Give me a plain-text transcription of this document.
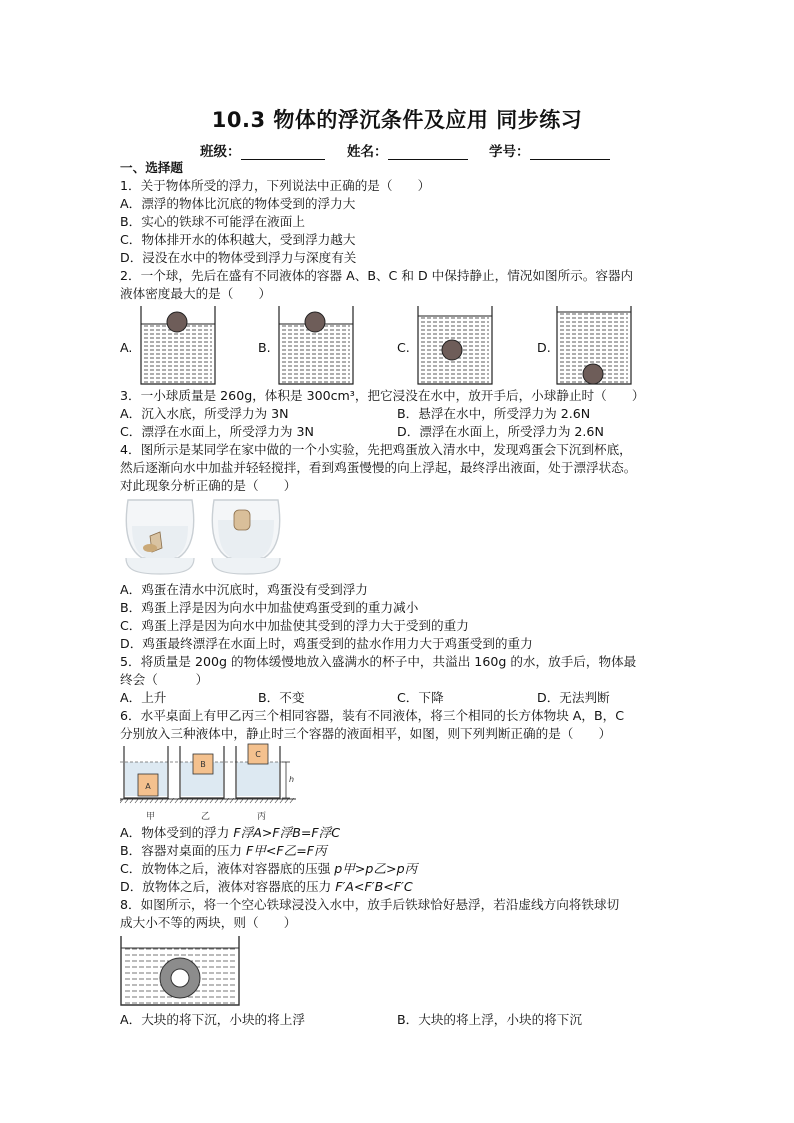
10.3 物体的浮沉条件及应用 同步练习
班级：	姓名：	学号：
一、选择题
1．关于物体所受的浮力，下列说法中正确的是（　　）
A．漂浮的物体比沉底的物体受到的浮力大
B．实心的铁球不可能浮在液面上
C．物体排开水的体积越大，受到浮力越大
D．浸没在水中的物体受到浮力与深度有关
2．一个球，先后在盛有不同液体的容器 A、B、C 和 D 中保持静止，情况如图所示。容器内
液体密度最大的是（　　）
A.	B.	C.	D.
3．一小球质量是 260g，体积是 300cm³，把它浸没在水中，放开手后，小球静止时（　　）
A．沉入水底，所受浮力为 3N	B．悬浮在水中，所受浮力为 2.6N
C．漂浮在水面上，所受浮力为 3N	D．漂浮在水面上，所受浮力为 2.6N
4．图所示是某同学在家中做的一个小实验，先把鸡蛋放入清水中，发现鸡蛋会下沉到杯底，
然后逐渐向水中加盐并轻轻搅拌，看到鸡蛋慢慢的向上浮起，最终浮出液面，处于漂浮状态。
对此现象分析正确的是（　　）
A．鸡蛋在清水中沉底时，鸡蛋没有受到浮力
B．鸡蛋上浮是因为向水中加盐使鸡蛋受到的重力减小
C．鸡蛋上浮是因为向水中加盐使其受到的浮力大于受到的重力
D．鸡蛋最终漂浮在水面上时，鸡蛋受到的盐水作用力大于鸡蛋受到的重力
5．将质量是 200g 的物体缓慢地放入盛满水的杯子中，共溢出 160g 的水，放手后，物体最
终会（　　　）
A．上升	B．不变	C．下降	D．无法判断
6．水平桌面上有甲乙丙三个相同容器，装有不同液体，将三个相同的长方体物块 A，B，C
分别放入三种液体中，静止时三个容器的液面相平，如图，则下列判断正确的是（　　）
A
B
C
h
甲	乙	丙
A．物体受到的浮力 F浮A>F浮B=F浮C
B．容器对桌面的压力 F甲<F乙=F丙
C．放物体之后，液体对容器底的压强 p甲>p乙>p丙
D．放物体之后，液体对容器底的压力 F′A<F′B<F′C
8．如图所示，将一个空心铁球浸没入水中，放手后铁球恰好悬浮，若沿虚线方向将铁球切
成大小不等的两块，则（　　）
A．大块的将下沉，小块的将上浮	B．大块的将上浮，小块的将下沉
